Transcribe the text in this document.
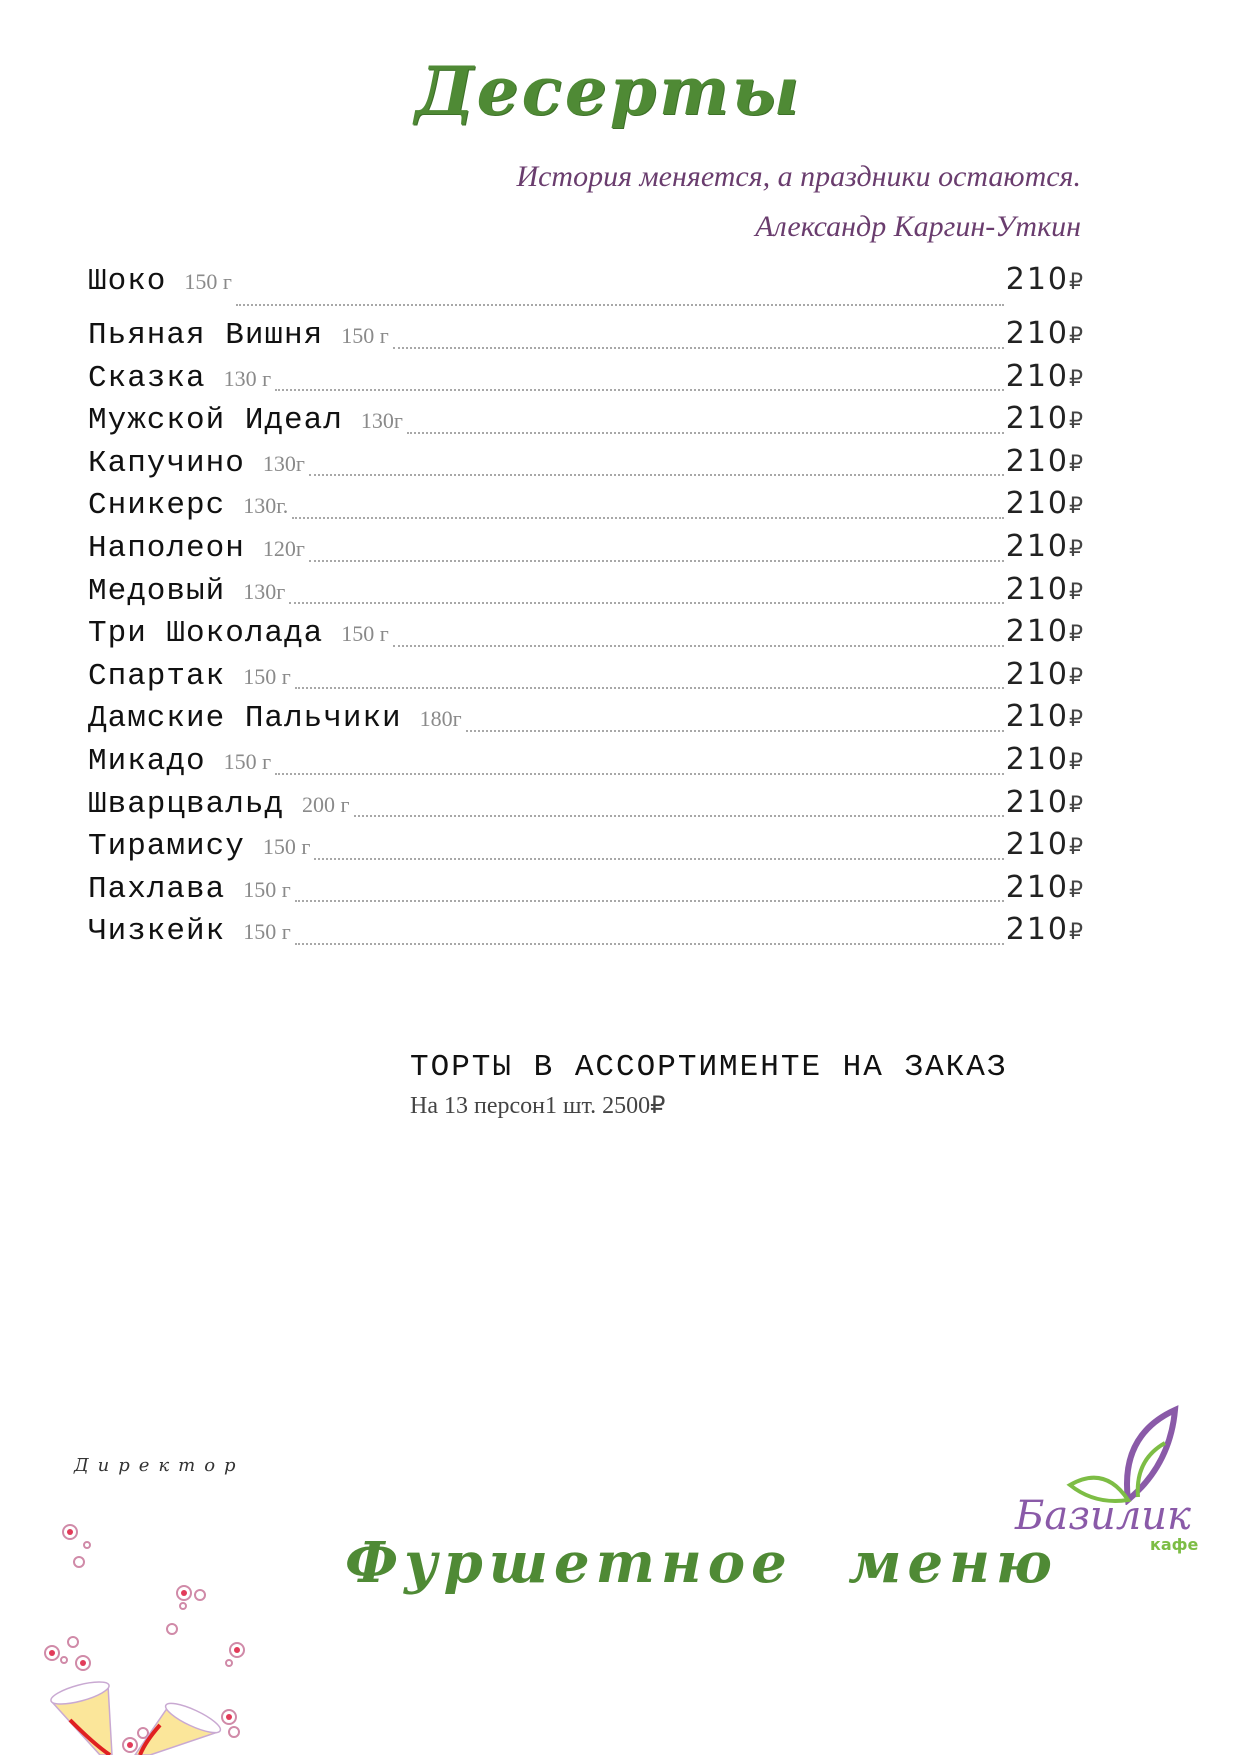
Десерты
История меняется, а праздники остаются.
Александр Каргин-Уткин
Шоко 150 г	210₽
Пьяная Вишня 150 г	210₽
Сказка 130 г	210₽
Мужской Идеал 130г	210₽
Капучино 130г	210₽
Сникерс 130г.	210₽
Наполеон 120г	210₽
Медовый 130г	210₽
Три Шоколада 150 г	210₽
Спартак 150 г	210₽
Дамские Пальчики 180г	210₽
Микадо 150 г	210₽
Шварцвальд 200 г	210₽
Тирамису 150 г	210₽
Пахлава 150 г	210₽
Чизкейк 150 г	210₽
ТОРТЫ В АССОРТИМЕНТЕ НА ЗАКАЗ
На 13 персон1 шт. 2500₽
Директор
Базилик
кафе
Фуршетное меню
